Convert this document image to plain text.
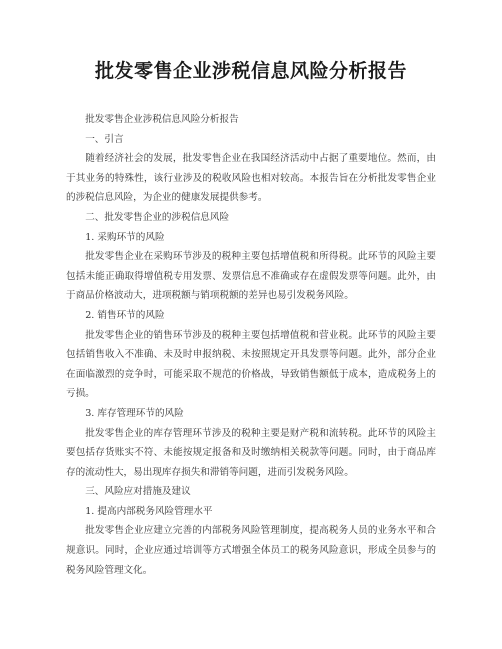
批发零售企业涉税信息风险分析报告

批发零售企业涉税信息风险分析报告

一、引言

随着经济社会的发展，批发零售企业在我国经济活动中占据了重要地位。然而，由于其业务的特殊性，该行业涉及的税收风险也相对较高。本报告旨在分析批发零售企业的涉税信息风险，为企业的健康发展提供参考。

二、批发零售企业的涉税信息风险

1. 采购环节的风险

批发零售企业在采购环节涉及的税种主要包括增值税和所得税。此环节的风险主要包括未能正确取得增值税专用发票、发票信息不准确或存在虚假发票等问题。此外，由于商品价格波动大，进项税额与销项税额的差异也易引发税务风险。

2. 销售环节的风险

批发零售企业的销售环节涉及的税种主要包括增值税和营业税。此环节的风险主要包括销售收入不准确、未及时申报纳税、未按照规定开具发票等问题。此外，部分企业在面临激烈的竞争时，可能采取不规范的价格战，导致销售额低于成本，造成税务上的亏损。

3. 库存管理环节的风险

批发零售企业的库存管理环节涉及的税种主要是财产税和流转税。此环节的风险主要包括存货账实不符、未能按规定报备和及时缴纳相关税款等问题。同时，由于商品库存的流动性大，易出现库存损失和滞销等问题，进而引发税务风险。

三、风险应对措施及建议

1. 提高内部税务风险管理水平

批发零售企业应建立完善的内部税务风险管理制度，提高税务人员的业务水平和合规意识。同时，企业应通过培训等方式增强全体员工的税务风险意识，形成全员参与的税务风险管理文化。
